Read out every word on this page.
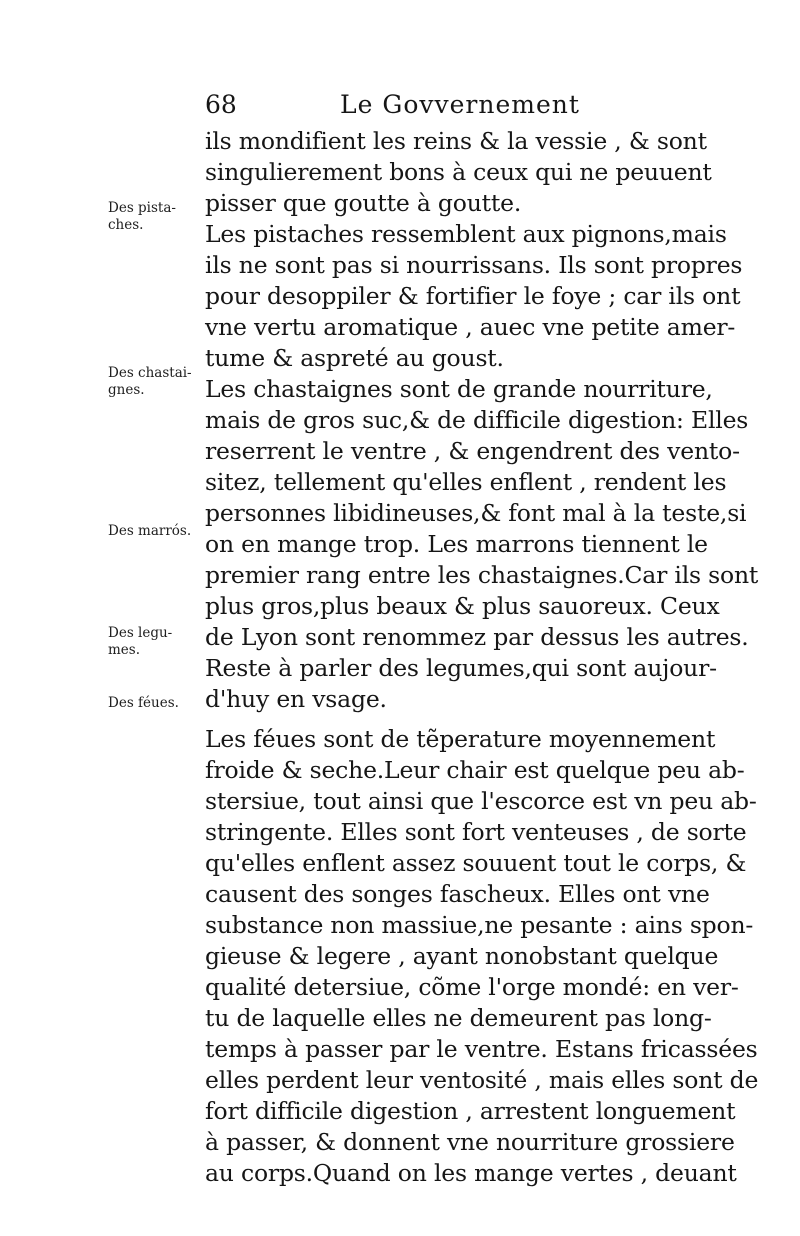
68	Le Govvernement
Des pista-
ches.
Des chastai-
gnes.
Des marrós.
Des legu-
mes.
Des féues.
ils mondifient les reins & la vessie , & sont
singulierement bons à ceux qui ne peuuent
pisser que goutte à goutte.
Les pistaches ressemblent aux pignons,mais
ils ne sont pas si nourrissans. Ils sont propres
pour desoppiler & fortifier le foye ; car ils ont
vne vertu aromatique , auec vne petite amer-
tume & aspreté au goust.
Les chastaignes sont de grande nourriture,
mais de gros suc,& de difficile digestion: Elles
reserrent le ventre , & engendrent des vento-
sitez, tellement qu'elles enflent , rendent les
personnes libidineuses,& font mal à la teste,si
on en mange trop. Les marrons tiennent le
premier rang entre les chastaignes.Car ils sont
plus gros,plus beaux & plus sauoreux. Ceux
de Lyon sont renommez par dessus les autres.
Reste à parler des legumes,qui sont aujour-
d'huy en vsage.
Les féues sont de tẽperature moyennement
froide & seche.Leur chair est quelque peu ab-
stersiue, tout ainsi que l'escorce est vn peu ab-
stringente. Elles sont fort venteuses , de sorte
qu'elles enflent assez souuent tout le corps, &
causent des songes fascheux. Elles ont vne
substance non massiue,ne pesante : ains spon-
gieuse & legere , ayant nonobstant quelque
qualité detersiue, cõme l'orge mondé: en ver-
tu de laquelle elles ne demeurent pas long-
temps à passer par le ventre. Estans fricassées
elles perdent leur ventosité , mais elles sont de
fort difficile digestion , arrestent longuement
à passer, & donnent vne nourriture grossiere
au corps.Quand on les mange vertes , deuant
